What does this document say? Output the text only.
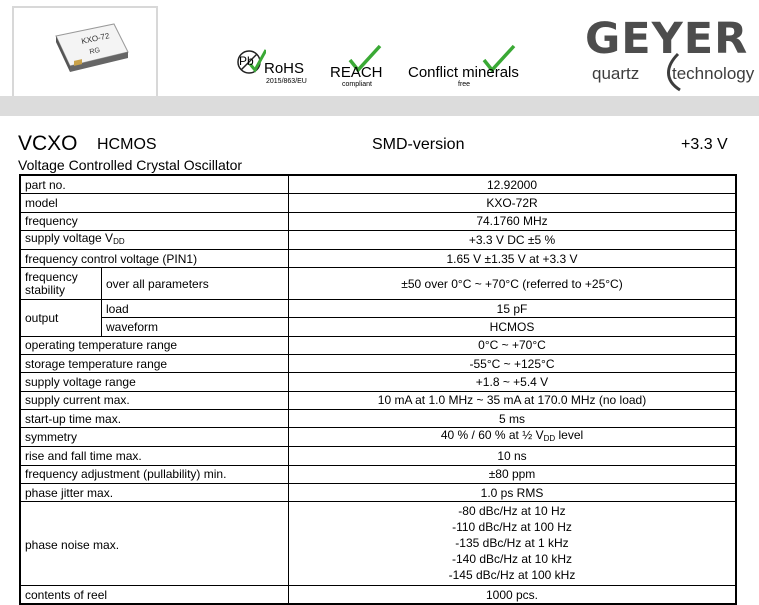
KXO-72
RG
Pb RoHS
2015/863/EU
REACH
compliant
Conflict minerals
free
GEYER
quartz technology
VCXO HCMOS	SMD-version	+3.3 V
Voltage Controlled Crystal Oscillator
part no.		12.92000
model		KXO-72R
frequency		74.1760 MHz
supply voltage $V_{DD}$		+3.3 V DC ±5 %
frequency control voltage (PIN1)		1.65 V ±1.35 V at +3.3 V
frequency stability	over all parameters	±50 over 0°C ~ +70°C (referred to +25°C)
output	load	15 pF
	waveform	HCMOS
operating temperature range		0°C ~ +70°C
storage temperature range		-55°C ~ +125°C
supply voltage range		+1.8 ~ +5.4 V
supply current max.		10 mA at 1.0 MHz ~ 35 mA at 170.0 MHz (no load)
start-up time max.		5 ms
symmetry		40 % / 60 % at ½ $V_{DD}$ level
rise and fall time max.		10 ns
frequency adjustment (pullability) min.		±80 ppm
phase jitter max.		1.0 ps RMS
phase noise max.		-80 dBc/Hz at 10 Hz
-110 dBc/Hz at 100 Hz
-135 dBc/Hz at 1 kHz
-140 dBc/Hz at 10 kHz
-145 dBc/Hz at 100 kHz

contents of reel		1000 pcs.
